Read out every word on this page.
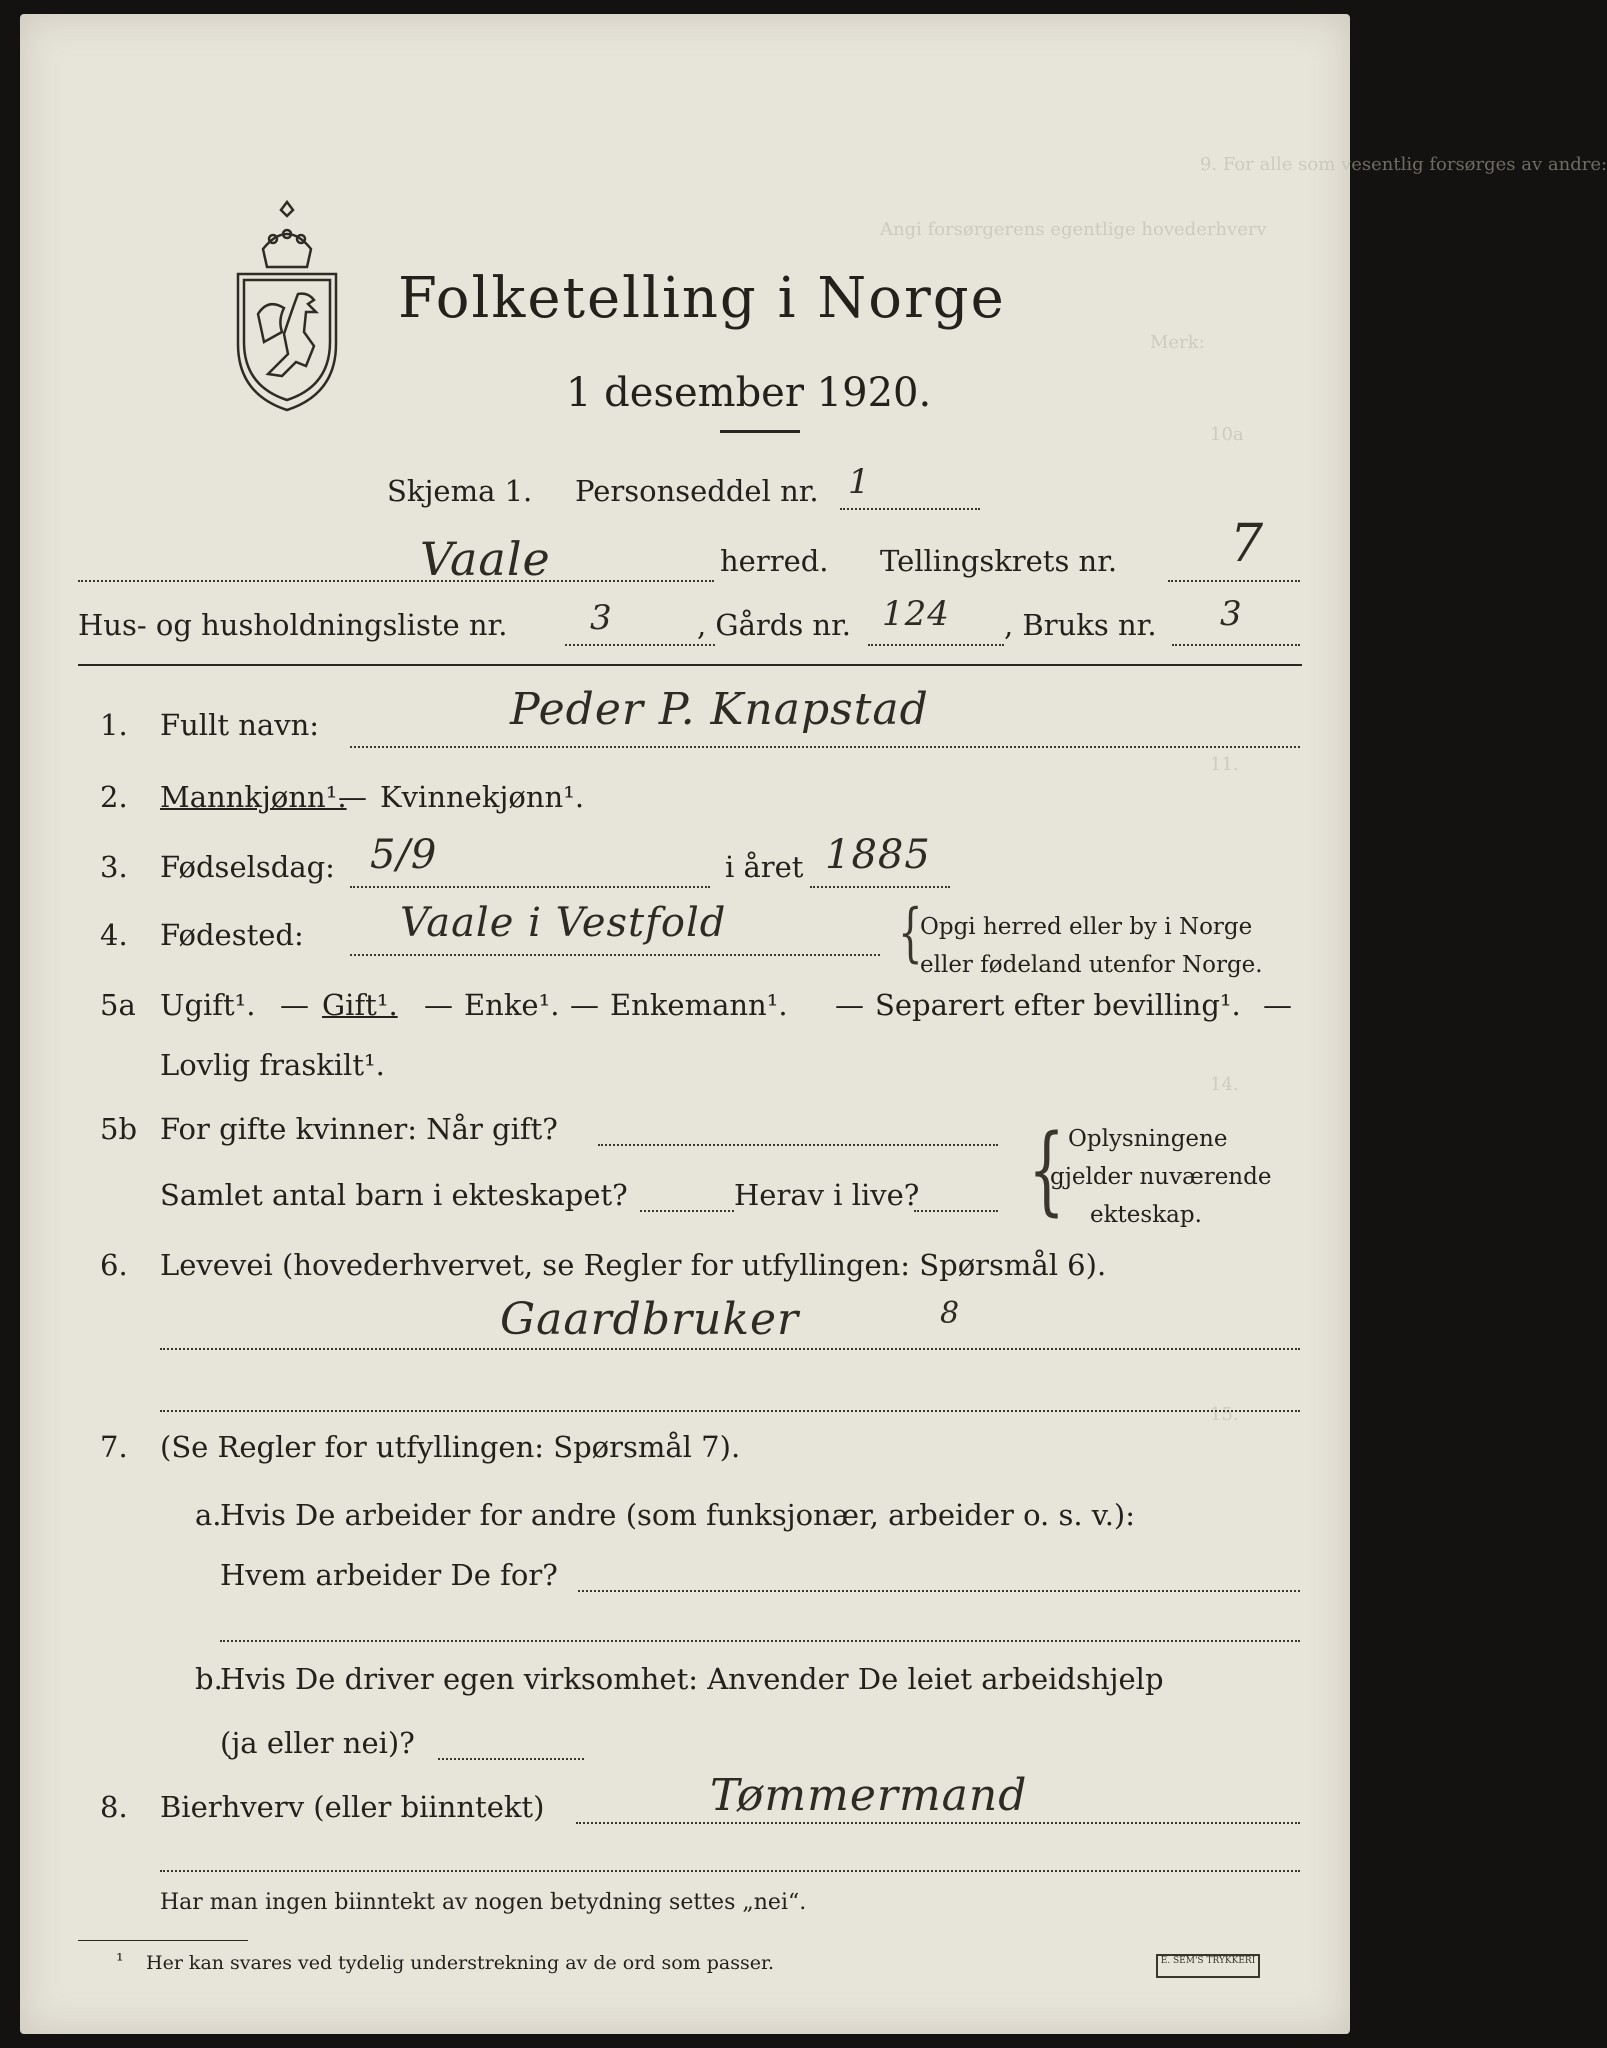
9. For alle som vesentlig forsørges av andre:
Angi forsørgerens egentlige hovederhverv
Merk:
10a
11.
14.
15.
Folketelling i Norge
1 desember 1920.
Skjema 1. Personseddel nr. 1
Vaale	herred. Tellingskrets nr. 7
Hus- og husholdningsliste nr. 3	, Gårds nr. 124 , Bruks nr. 3
1. Fullt navn:	Peder P. Knapstad
2. Mannkjønn¹.
— Kvinnekjønn¹.
3. Fødselsdag: 5/9	i året 1885
4. Fødested: Vaale i Vestfold	{
Opgi herred eller by i Norge
eller fødeland utenfor Norge.
5a Ugift¹. — Gift¹. — Enke¹. — Enkemann¹. — Separert efter bevilling¹. —
Lovlig fraskilt¹.
5b For gifte kvinner: Når gift?
Samlet antal barn i ekteskapet?	Herav i live? { Oplysningene
gjelder nuværende
ekteskap.
6. Levevei (hovederhvervet, se Regler for utfyllingen: Spørsmål 6).
Gaardbruker	8
7. (Se Regler for utfyllingen: Spørsmål 7).
a.
Hvis De arbeider for andre (som funksjonær, arbeider o. s. v.):
Hvem arbeider De for?
b.
Hvis De driver egen virksomhet: Anvender De leiet arbeidshjelp
(ja eller nei)?
8. Bierhverv (eller biinntekt)	Tømmermand
Har man ingen biinntekt av nogen betydning settes „nei“.
¹ Her kan svares ved tydelig understrekning av de ord som passer.	E. SEM'S TRYKKERI
